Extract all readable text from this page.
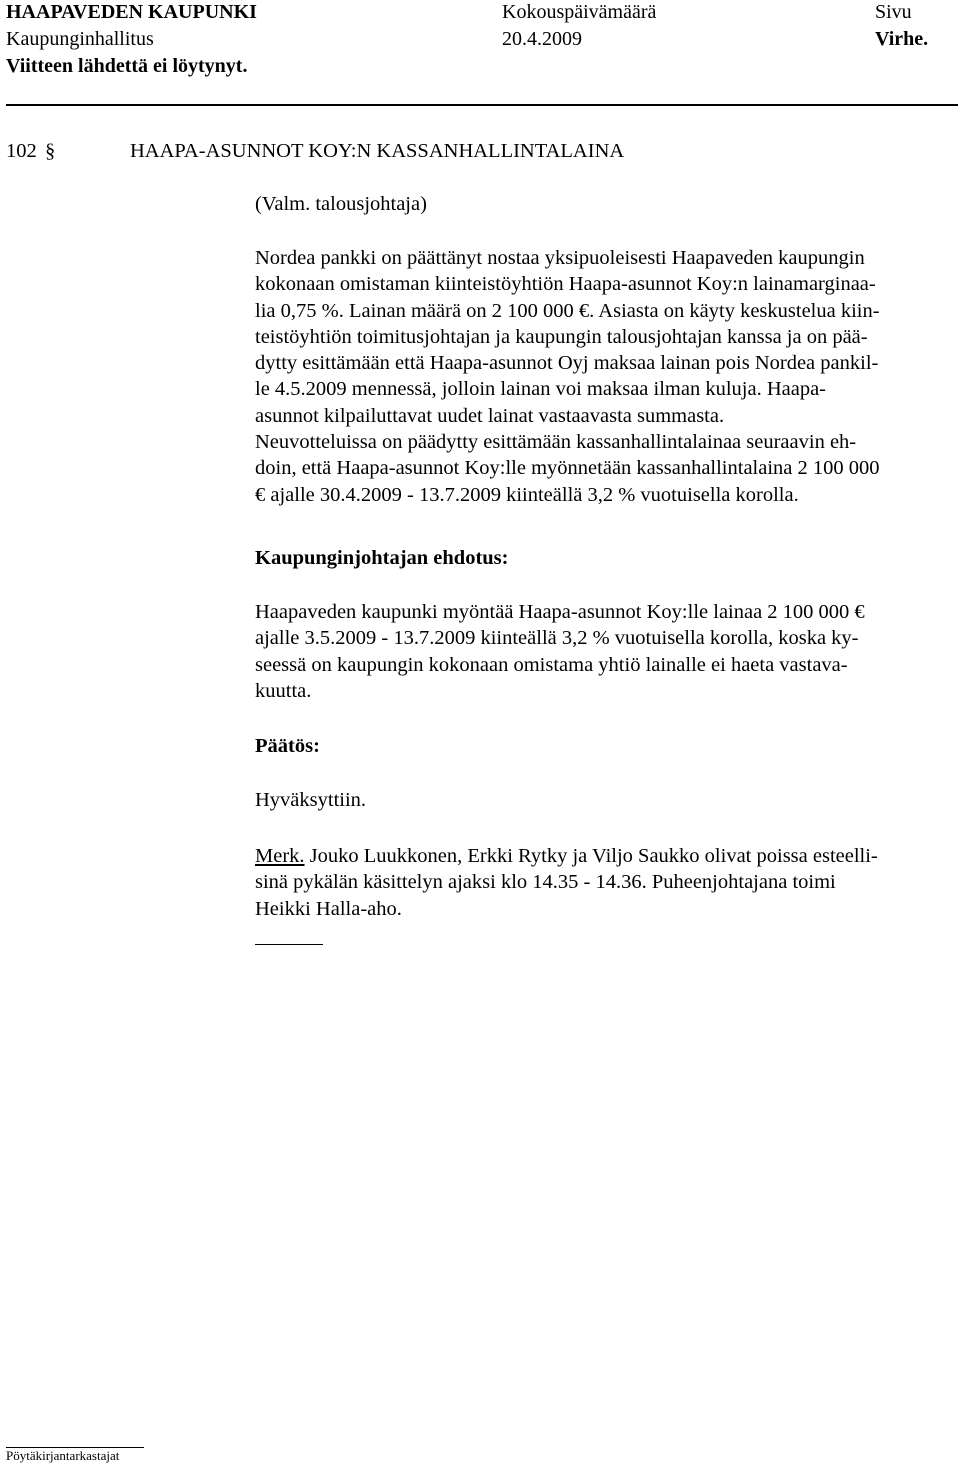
HAAPAVEDEN KAUPUNKI	Kokouspäivämäärä	Sivu
Kaupunginhallitus	20.4.2009	Virhe.
Viitteen lähdettä ei löytynyt.
102 §	HAAPA-ASUNNOT KOY:N KASSANHALLINTALAINA
(Valm. talousjohtaja)
Nordea pankki on päättänyt nostaa yksipuoleisesti Haapaveden kaupungin
kokonaan omistaman kiinteistöyhtiön Haapa-asunnot Koy:n lainamarginaa-
lia 0,75 %. Lainan määrä on 2 100 000 €. Asiasta on käyty keskustelua kiin-
teistöyhtiön toimitusjohtajan ja kaupungin talousjohtajan kanssa ja on pää-
dytty esittämään että Haapa-asunnot Oyj maksaa lainan pois Nordea pankil-
le 4.5.2009 mennessä, jolloin lainan voi maksaa ilman kuluja. Haapa-
asunnot kilpailuttavat uudet lainat vastaavasta summasta.
Neuvotteluissa on päädytty esittämään kassanhallintalainaa seuraavin eh-
doin, että Haapa-asunnot Koy:lle myönnetään kassanhallintalaina 2 100 000
€ ajalle 30.4.2009 - 13.7.2009 kiinteällä 3,2 % vuotuisella korolla.
Kaupunginjohtajan ehdotus:
Haapaveden kaupunki myöntää Haapa-asunnot Koy:lle lainaa 2 100 000 €
ajalle 3.5.2009 - 13.7.2009 kiinteällä 3,2 % vuotuisella korolla, koska ky-
seessä on kaupungin kokonaan omistama yhtiö lainalle ei haeta vastava-
kuutta.
Päätös:
Hyväksyttiin.
Merk. Jouko Luukkonen, Erkki Rytky ja Viljo Saukko olivat poissa esteelli-
sinä pykälän käsittelyn ajaksi klo 14.35 - 14.36. Puheenjohtajana toimi
Heikki Halla-aho.
Pöytäkirjantarkastajat
